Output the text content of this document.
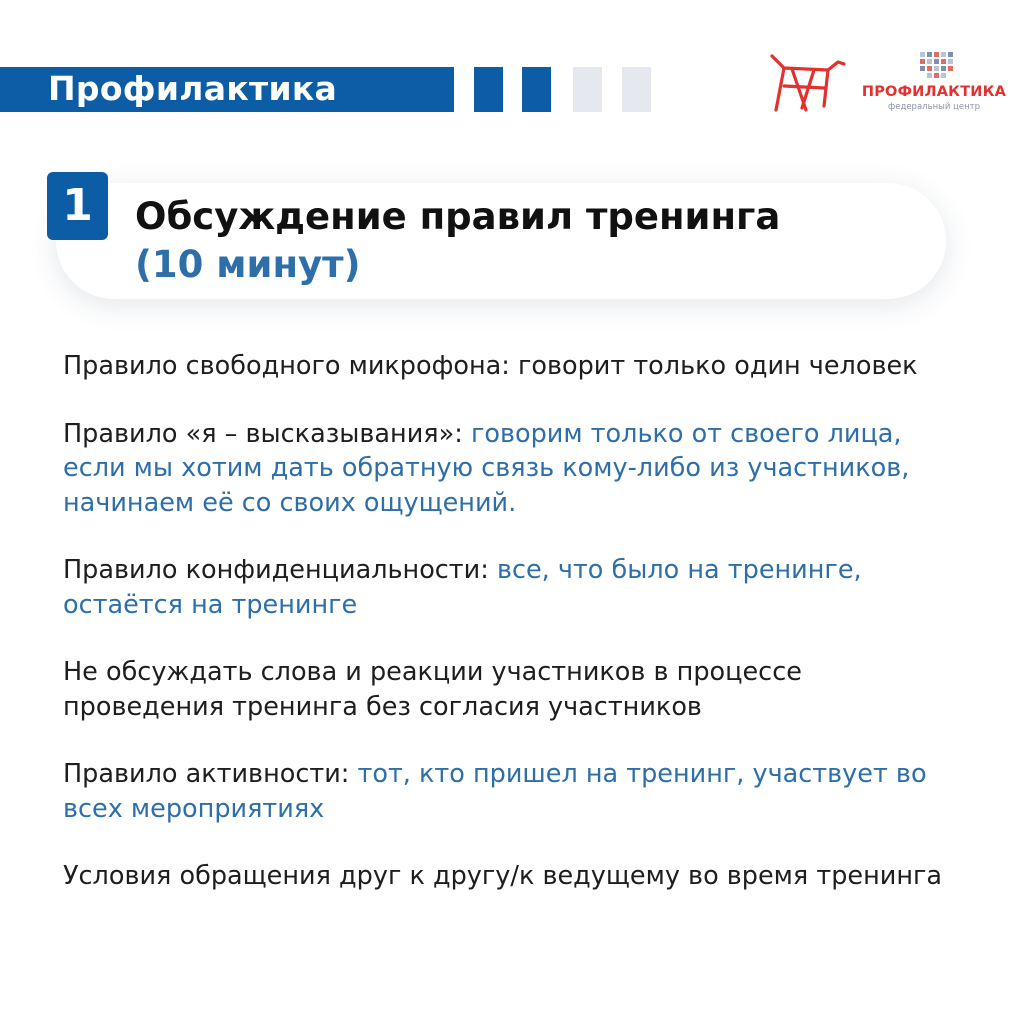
Профилактика	ПРОФИЛАКТИКА
федеральный центр
1	Обсуждение правил тренинга
(10 минут)

Правило свободного микрофона: говорит только один человек

Правило «я – высказывания»: говорим только от своего лица, если мы хотим дать обратную связь кому-либо из участников, начинаем её со своих ощущений.

Правило конфиденциальности: все, что было на тренинге, остаётся на тренинге

Не обсуждать слова и реакции участников в процессе проведения тренинга без согласия участников

Правило активности: тот, кто пришел на тренинг, участвует во всех мероприятиях

Условия обращения друг к другу/к ведущему во время тренинга
